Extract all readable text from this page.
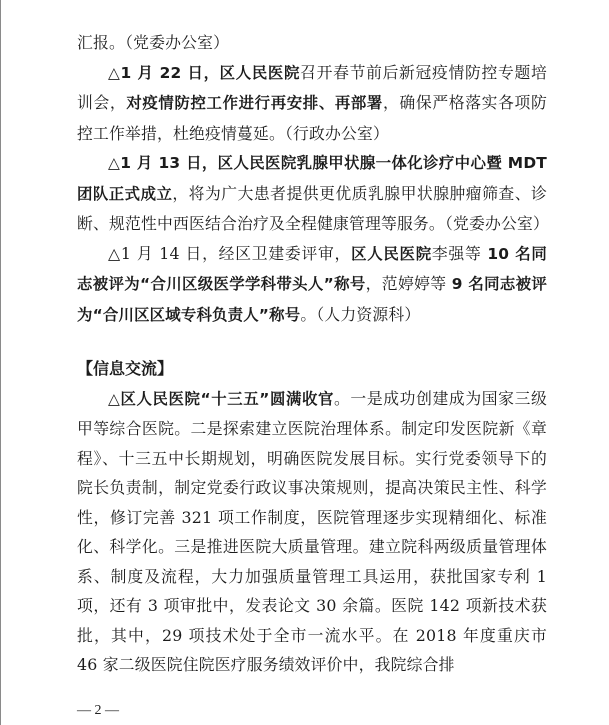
汇报。（党委办公室）

△1 月 22 日，区人民医院召开春节前后新冠疫情防控专题培训会，对疫情防控工作进行再安排、再部署，确保严格落实各项防控工作举措，杜绝疫情蔓延。（行政办公室）

△1 月 13 日，区人民医院乳腺甲状腺一体化诊疗中心暨 MDT 团队正式成立，将为广大患者提供更优质乳腺甲状腺肿瘤筛查、诊断、规范性中西医结合治疗及全程健康管理等服务。（党委办公室）

△1 月 14 日，经区卫建委评审，区人民医院李强等 10 名同志被评为“合川区级医学学科带头人”称号，范婷婷等 9 名同志被评为“合川区区域专科负责人”称号。（人力资源科）

【信息交流】

△区人民医院“十三五”圆满收官。一是成功创建成为国家三级甲等综合医院。二是探索建立医院治理体系。制定印发医院新《章程》、十三五中长期规划，明确医院发展目标。实行党委领导下的院长负责制，制定党委行政议事决策规则，提高决策民主性、科学性，修订完善 321 项工作制度，医院管理逐步实现精细化、标准化、科学化。三是推进医院大质量管理。建立院科两级质量管理体系、制度及流程，大力加强质量管理工具运用，获批国家专利 1 项，还有 3 项审批中，发表论文 30 余篇。医院 142 项新技术获批，其中，29 项技术处于全市一流水平。在 2018 年度重庆市 46 家二级医院住院医疗服务绩效评价中，我院综合排

— 2 —
